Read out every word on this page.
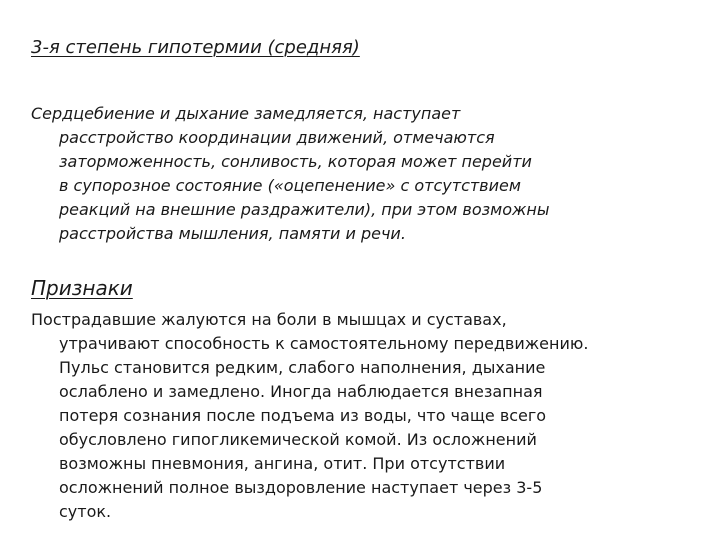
3-я степень гипотермии (средняя)

Сердцебиение и дыхание замедляется, наступает
расстройство координации движений, отмечаются
заторможенность, сонливость, которая может перейти
в супорозное состояние («оцепенение» с отсутствием
реакций на внешние раздражители), при этом возможны
расстройства мышления, памяти и речи.

Признаки

Пострадавшие жалуются на боли в мышцах и суставах,
утрачивают способность к самостоятельному передвижению.
Пульс становится редким, слабого наполнения, дыхание
ослаблено и замедлено. Иногда наблюдается внезапная
потеря сознания после подъема из воды, что чаще всего
обусловлено гипогликемической комой. Из осложнений
возможны пневмония, ангина, отит. При отсутствии
осложнений полное выздоровление наступает через 3-5
суток.
